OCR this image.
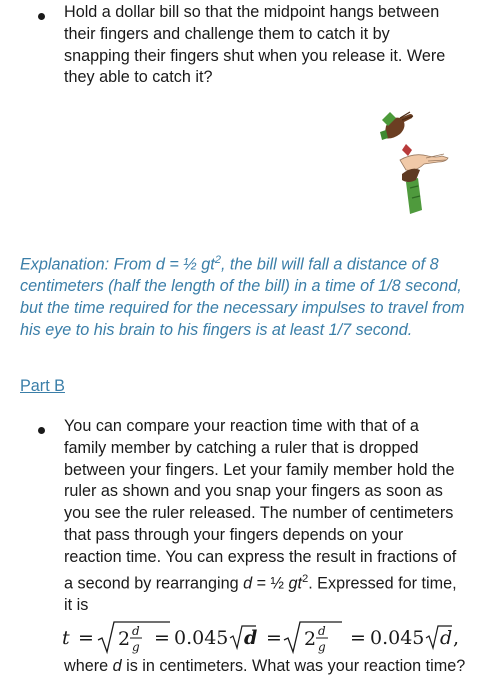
Hold a dollar bill so that the midpoint hangs between their fingers and challenge them to catch it by snapping their fingers shut when you release it. Were they able to catch it?

Explanation: From d = ½ $gt^2$, the bill will fall a distance of 8 centimeters (half the length of the bill) in a time of 1/8 second, but the time required for the necessary impulses to travel from his eye to his brain to his fingers is at least 1/7 second.

Part B

You can compare your reaction time with that of a family member by catching a ruler that is dropped between your fingers. Let your family member hold the ruler as shown and you snap your fingers as soon as you see the ruler released. The number of centimeters that pass through your fingers depends on your reaction time. You can express the result in fractions of a second by rearranging d = ½ $gt^2$. Expressed for time, it is

t = 2 d
g = 0.045 d = 2 d
g = 0.045 d ,

where d is in centimeters. What was your reaction time?
